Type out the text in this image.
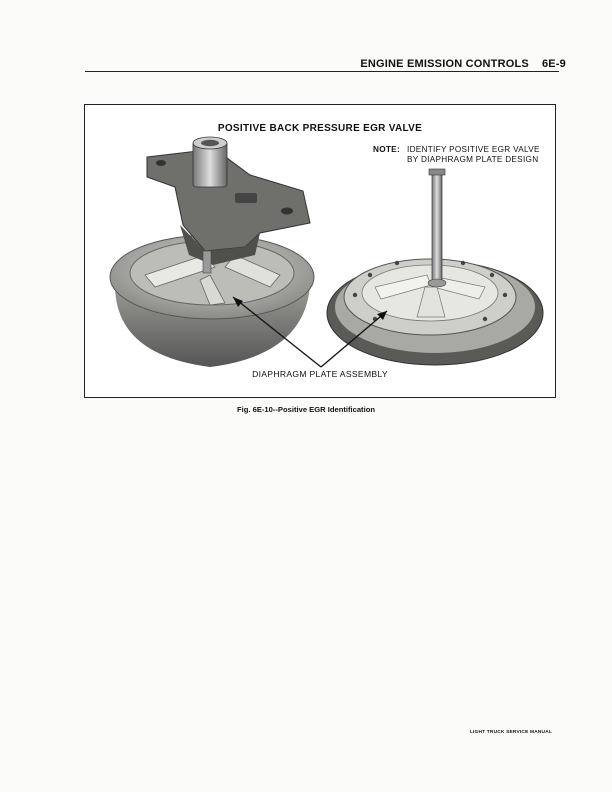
ENGINE EMISSION CONTROLS 6E-9
POSITIVE BACK PRESSURE EGR VALVE
NOTE: IDENTIFY POSITIVE EGR VALVE
BY DIAPHRAGM PLATE DESIGN
DIAPHRAGM PLATE ASSEMBLY
Fig. 6E-10--Positive EGR Identification
LIGHT TRUCK SERVICE MANUAL
